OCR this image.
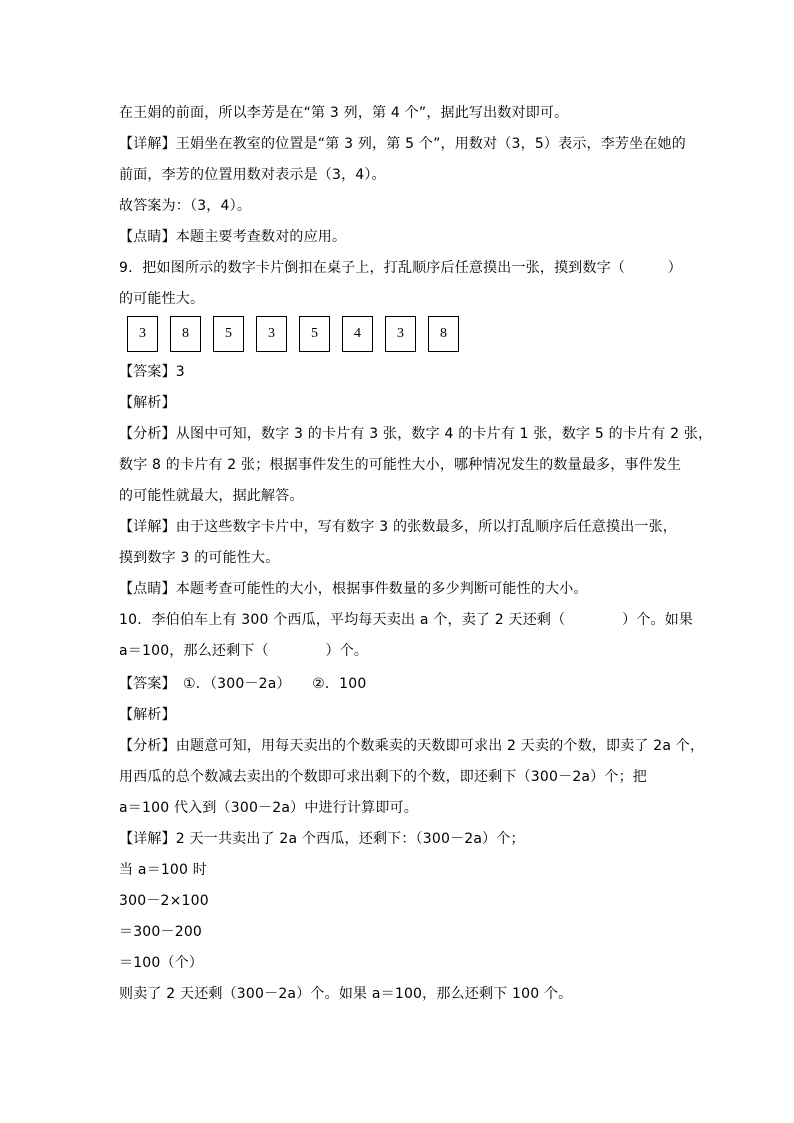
在王娟的前面，所以李芳是在“第 3 列，第 4 个”，据此写出数对即可。
【详解】王娟坐在教室的位置是“第 3 列，第 5 个”，用数对（3，5）表示，李芳坐在她的
前面，李芳的位置用数对表示是（3，4）。
故答案为：（3，4）。
【点睛】本题主要考查数对的应用。
9．把如图所示的数字卡片倒扣在桌子上，打乱顺序后任意摸出一张，摸到数字（　　　）
的可能性大。
3	8	5	3	5	4	3	8
【答案】3
【解析】
【分析】从图中可知，数字 3 的卡片有 3 张，数字 4 的卡片有 1 张，数字 5 的卡片有 2 张，
数字 8 的卡片有 2 张；根据事件发生的可能性大小，哪种情况发生的数量最多，事件发生
的可能性就最大，据此解答。
【详解】由于这些数字卡片中，写有数字 3 的张数最多，所以打乱顺序后任意摸出一张，
摸到数字 3 的可能性大。
【点睛】本题考查可能性的大小，根据事件数量的多少判断可能性的大小。
10．李伯伯车上有 300 个西瓜，平均每天卖出 a 个，卖了 2 天还剩（　　　　）个。如果
a＝100，那么还剩下（　　　　）个。
【答案】　①．（300－2a）　　②．100
【解析】
【分析】由题意可知，用每天卖出的个数乘卖的天数即可求出 2 天卖的个数，即卖了 2a 个，
用西瓜的总个数减去卖出的个数即可求出剩下的个数，即还剩下（300－2a）个；把
a＝100 代入到（300－2a）中进行计算即可。
【详解】2 天一共卖出了 2a 个西瓜，还剩下：（300－2a）个；
当 a＝100 时
300－2×100
＝300－200
＝100（个）
则卖了 2 天还剩（300－2a）个。如果 a＝100，那么还剩下 100 个。
